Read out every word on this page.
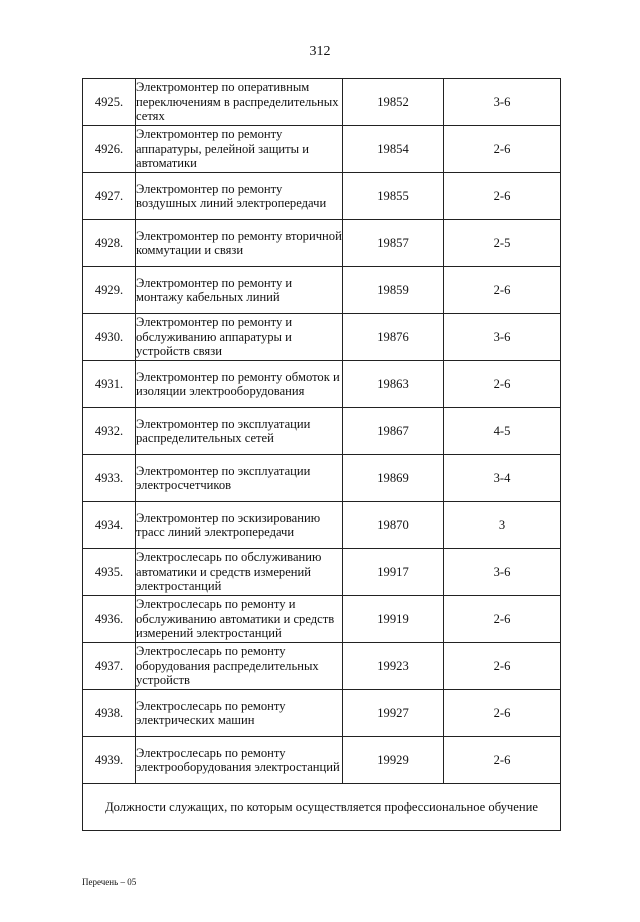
312
4925.	Электромонтер по оперативным переключениям в распределительных сетях	19852	3-6
4926.	Электромонтер по ремонту аппаратуры, релейной защиты и автоматики	19854	2-6
4927.	Электромонтер по ремонту воздушных линий электропередачи	19855	2-6
4928.	Электромонтер по ремонту вторичной коммутации и связи	19857	2-5
4929.	Электромонтер по ремонту и монтажу кабельных линий	19859	2-6
4930.	Электромонтер по ремонту и обслуживанию аппаратуры и устройств связи	19876	3-6
4931.	Электромонтер по ремонту обмоток и изоляции электрооборудования	19863	2-6
4932.	Электромонтер по эксплуатации распределительных сетей	19867	4-5
4933.	Электромонтер по эксплуатации электросчетчиков	19869	3-4
4934.	Электромонтер по эскизированию трасс линий электропередачи	19870	3
4935.	Электрослесарь по обслуживанию автоматики и средств измерений электростанций	19917	3-6
4936.	Электрослесарь по ремонту и обслуживанию автоматики и средств измерений электростанций	19919	2-6
4937.	Электрослесарь по ремонту оборудования распределительных устройств	19923	2-6
4938.	Электрослесарь по ремонту электрических машин	19927	2-6
4939.	Электрослесарь по ремонту электрооборудования электростанций	19929	2-6
Должности служащих, по которым осуществляется профессиональное обучение			
Перечень – 05
